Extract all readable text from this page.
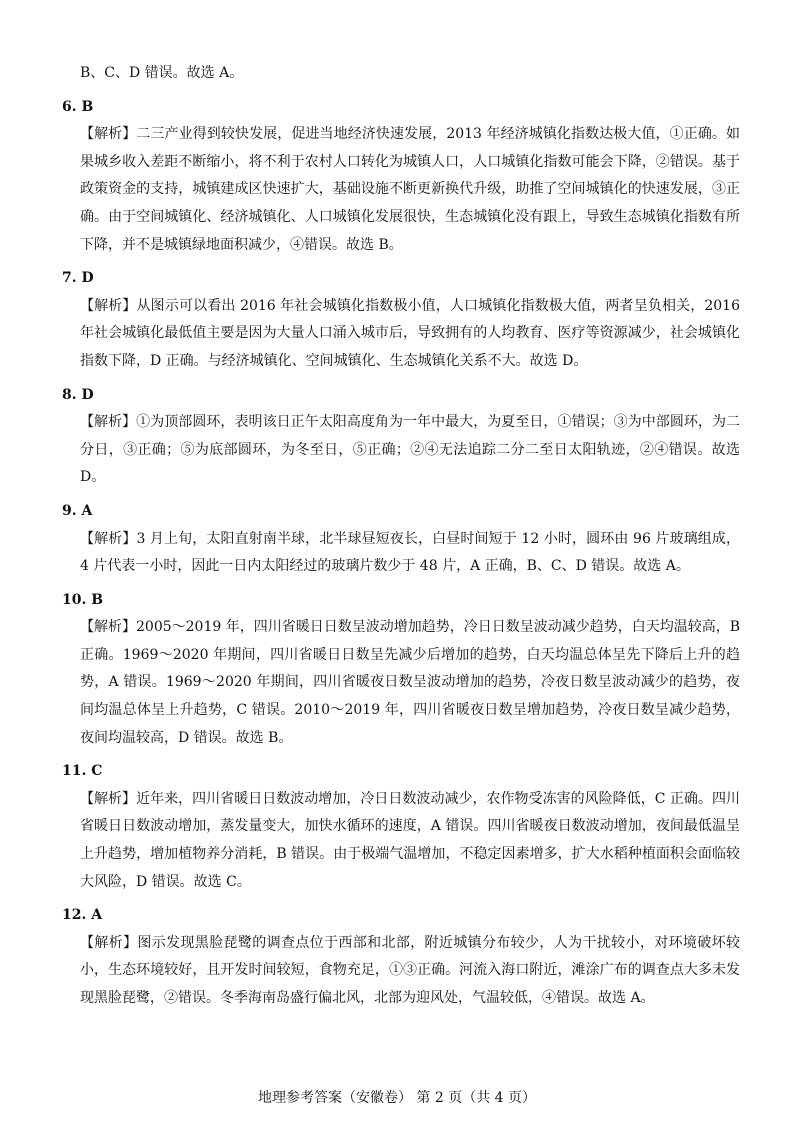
B、C、D 错误。故选 A。

6. B

【解析】二三产业得到较快发展，促进当地经济快速发展，2013 年经济城镇化指数达极大值，①正确。如果城乡收入差距不断缩小，将不利于农村人口转化为城镇人口，人口城镇化指数可能会下降，②错误。基于政策资金的支持，城镇建成区快速扩大，基础设施不断更新换代升级，助推了空间城镇化的快速发展，③正确。由于空间城镇化、经济城镇化、人口城镇化发展很快，生态城镇化没有跟上，导致生态城镇化指数有所下降，并不是城镇绿地面积减少，④错误。故选 B。

7. D

【解析】从图示可以看出 2016 年社会城镇化指数极小值，人口城镇化指数极大值，两者呈负相关，2016 年社会城镇化最低值主要是因为大量人口涌入城市后，导致拥有的人均教育、医疗等资源减少，社会城镇化指数下降，D 正确。与经济城镇化、空间城镇化、生态城镇化关系不大。故选 D。

8. D

【解析】①为顶部圆环，表明该日正午太阳高度角为一年中最大，为夏至日，①错误；③为中部圆环，为二分日，③正确；⑤为底部圆环，为冬至日，⑤正确；②④无法追踪二分二至日太阳轨迹，②④错误。故选 D。

9. A

【解析】3 月上旬，太阳直射南半球，北半球昼短夜长，白昼时间短于 12 小时，圆环由 96 片玻璃组成，4 片代表一小时，因此一日内太阳经过的玻璃片数少于 48 片，A 正确，B、C、D 错误。故选 A。

10. B

【解析】2005～2019 年，四川省暖日日数呈波动增加趋势，冷日日数呈波动减少趋势，白天均温较高，B 正确。1969～2020 年期间，四川省暖日日数呈先减少后增加的趋势，白天均温总体呈先下降后上升的趋势，A 错误。1969～2020 年期间，四川省暖夜日数呈波动增加的趋势，冷夜日数呈波动减少的趋势，夜间均温总体呈上升趋势，C 错误。2010～2019 年，四川省暖夜日数呈增加趋势，冷夜日数呈减少趋势，夜间均温较高，D 错误。故选 B。

11. C

【解析】近年来，四川省暖日日数波动增加，冷日日数波动减少，农作物受冻害的风险降低，C 正确。四川省暖日日数波动增加，蒸发量变大，加快水循环的速度，A 错误。四川省暖夜日数波动增加，夜间最低温呈上升趋势，增加植物养分消耗，B 错误。由于极端气温增加，不稳定因素增多，扩大水稻种植面积会面临较大风险，D 错误。故选 C。

12. A

【解析】图示发现黑脸琵鹭的调查点位于西部和北部，附近城镇分布较少，人为干扰较小，对环境破坏较小，生态环境较好，且开发时间较短，食物充足，①③正确。河流入海口附近，滩涂广布的调查点大多未发现黑脸琵鹭，②错误。冬季海南岛盛行偏北风，北部为迎风处，气温较低，④错误。故选 A。

地理参考答案（安徽卷） 第 2 页（共 4 页）
